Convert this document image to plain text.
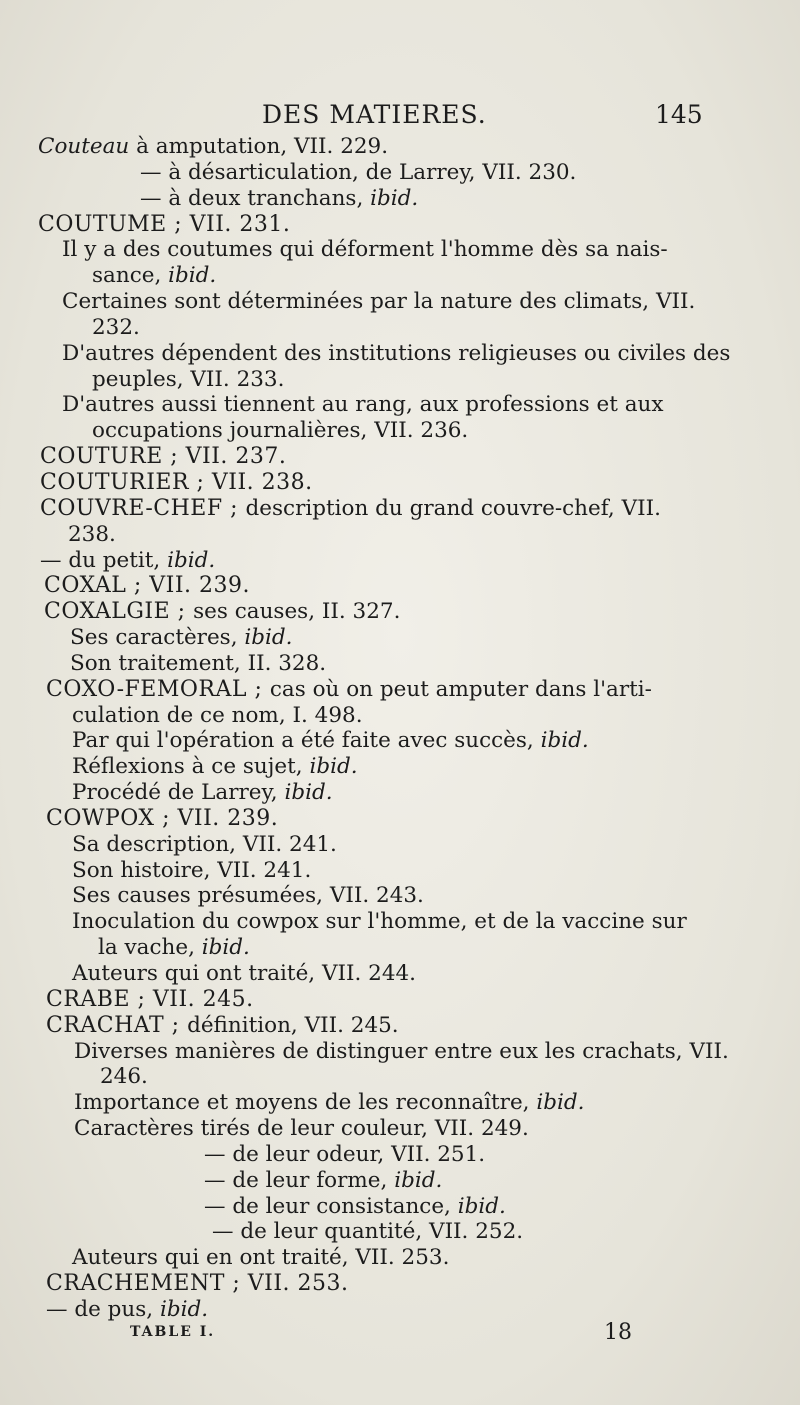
DES MATIERES.	145
Couteau à amputation, VII. 229.
— à désarticulation, de Larrey, VII. 230.
— à deux tranchans, ibid.
COUTUME ; VII. 231.
Il y a des coutumes qui déforment l'homme dès sa nais-
sance, ibid.
Certaines sont déterminées par la nature des climats, VII.
232.
D'autres dépendent des institutions religieuses ou civiles des
peuples, VII. 233.
D'autres aussi tiennent au rang, aux professions et aux
occupations journalières, VII. 236.
COUTURE ; VII. 237.
COUTURIER ; VII. 238.
COUVRE-CHEF ; description du grand couvre-chef, VII.
238.
— du petit, ibid.
COXAL ; VII. 239.
COXALGIE ; ses causes, II. 327.
Ses caractères, ibid.
Son traitement, II. 328.
COXO-FEMORAL ; cas où on peut amputer dans l'arti-
culation de ce nom, I. 498.
Par qui l'opération a été faite avec succès, ibid.
Réflexions à ce sujet, ibid.
Procédé de Larrey, ibid.
COWPOX ; VII. 239.
Sa description, VII. 241.
Son histoire, VII. 241.
Ses causes présumées, VII. 243.
Inoculation du cowpox sur l'homme, et de la vaccine sur
la vache, ibid.
Auteurs qui ont traité, VII. 244.
CRABE ; VII. 245.
CRACHAT ; définition, VII. 245.
Diverses manières de distinguer entre eux les crachats, VII.
246.
Importance et moyens de les reconnaître, ibid.
Caractères tirés de leur couleur, VII. 249.
— de leur odeur, VII. 251.
— de leur forme, ibid.
— de leur consistance, ibid.
— de leur quantité, VII. 252.
Auteurs qui en ont traité, VII. 253.
CRACHEMENT ; VII. 253.
— de pus, ibid.
TABLE I.	18
